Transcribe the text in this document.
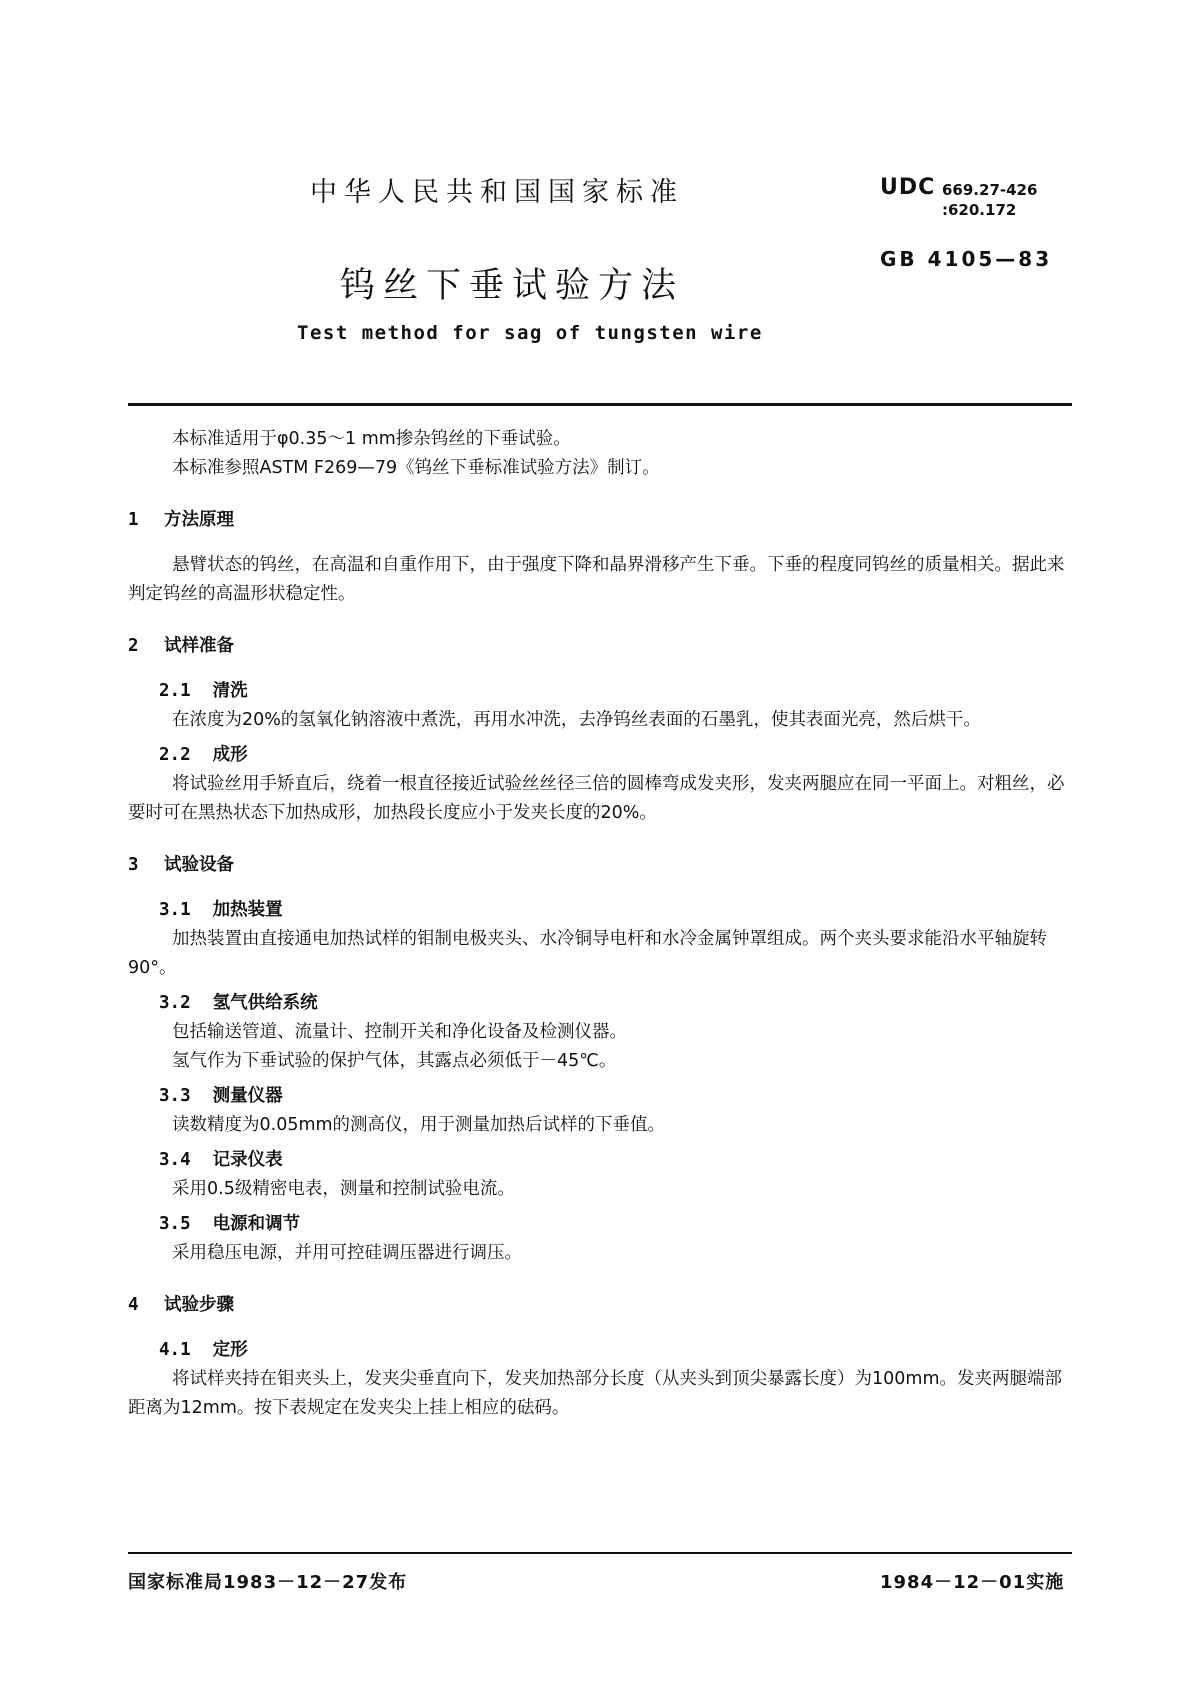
中华人民共和国国家标准	UDC 669.27-426
:620.172
GB 4105—83
钨丝下垂试验方法
Test method for sag of tungsten wire

本标准适用于φ0.35～1 mm掺杂钨丝的下垂试验。

本标准参照ASTM F269—79《钨丝下垂标准试验方法》制订。

1 方法原理

悬臂状态的钨丝，在高温和自重作用下，由于强度下降和晶界滑移产生下垂。下垂的程度同钨丝的质量相关。据此来判定钨丝的高温形状稳定性。

2 试样准备
2.1 清洗

在浓度为20%的氢氧化钠溶液中煮洗，再用水冲洗，去净钨丝表面的石墨乳，使其表面光亮，然后烘干。

2.2 成形

将试验丝用手矫直后，绕着一根直径接近试验丝丝径三倍的圆棒弯成发夹形，发夹两腿应在同一平面上。对粗丝，必要时可在黑热状态下加热成形，加热段长度应小于发夹长度的20%。

3 试验设备
3.1 加热装置

加热装置由直接通电加热试样的钼制电极夹头、水冷铜导电杆和水冷金属钟罩组成。两个夹头要求能沿水平轴旋转90°。

3.2 氢气供给系统

包括输送管道、流量计、控制开关和净化设备及检测仪器。

氢气作为下垂试验的保护气体，其露点必须低于－45℃。

3.3 测量仪器

读数精度为0.05mm的测高仪，用于测量加热后试样的下垂值。

3.4 记录仪表

采用0.5级精密电表，测量和控制试验电流。

3.5 电源和调节

采用稳压电源，并用可控硅调压器进行调压。

4 试验步骤
4.1 定形

将试样夹持在钼夹头上，发夹尖垂直向下，发夹加热部分长度（从夹头到顶尖暴露长度）为100mm。发夹两腿端部距离为12mm。按下表规定在发夹尖上挂上相应的砝码。

国家标准局1983－12－27发布	1984－12－01实施
